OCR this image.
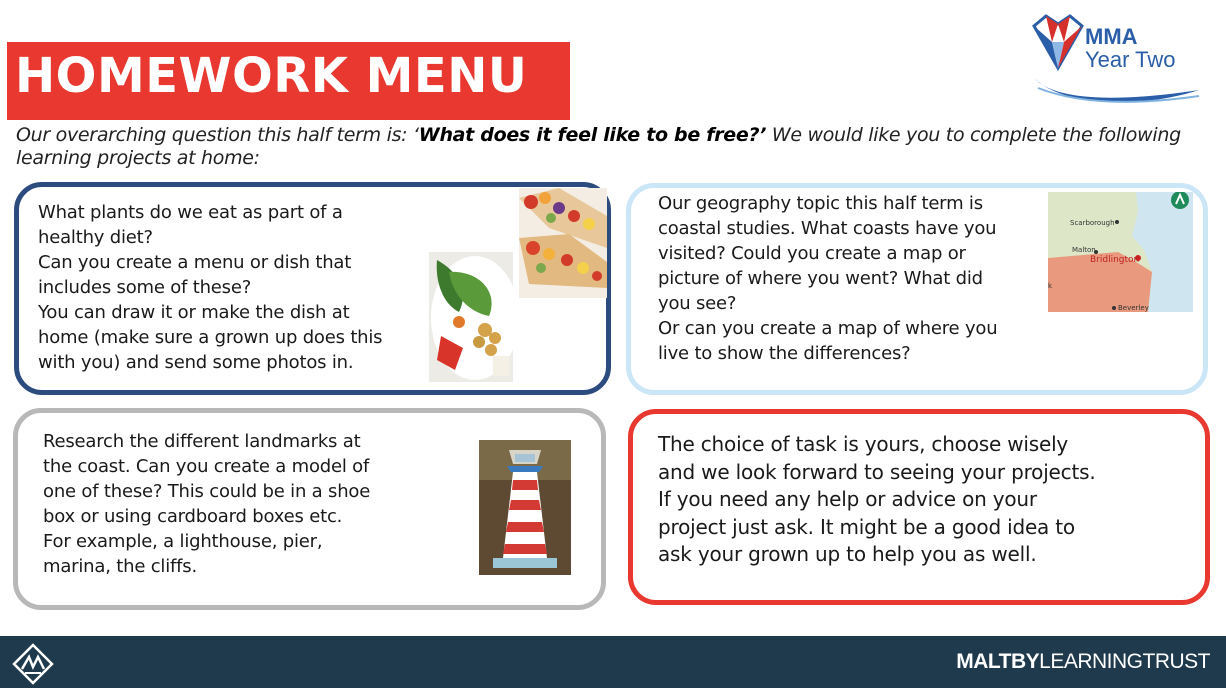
HOMEWORK MENU
MMA
Year Two
Our overarching question this half term is: ‘What does it feel like to be free?’ We would like you to complete the following learning projects at home:
What plants do we eat as part of a
healthy diet?
Can you create a menu or dish that
includes some of these?
You can draw it or make the dish at
home (make sure a grown up does this
with you) and send some photos in.
Our geography topic this half term is
coastal studies. What coasts have you
visited? Could you create a map or
picture of where you went? What did
you see?
Or can you create a map of where you
live to show the differences?
Scarborough
Malton
Bridlington
Beverley
k
Research the different landmarks at
the coast. Can you create a model of
one of these? This could be in a shoe
box or using cardboard boxes etc.
For example, a lighthouse, pier,
marina, the cliffs.
The choice of task is yours, choose wisely
and we look forward to seeing your projects.
If you need any help or advice on your
project just ask. It might be a good idea to
ask your grown up to help you as well.
MALTBYLEARNINGTRUST
